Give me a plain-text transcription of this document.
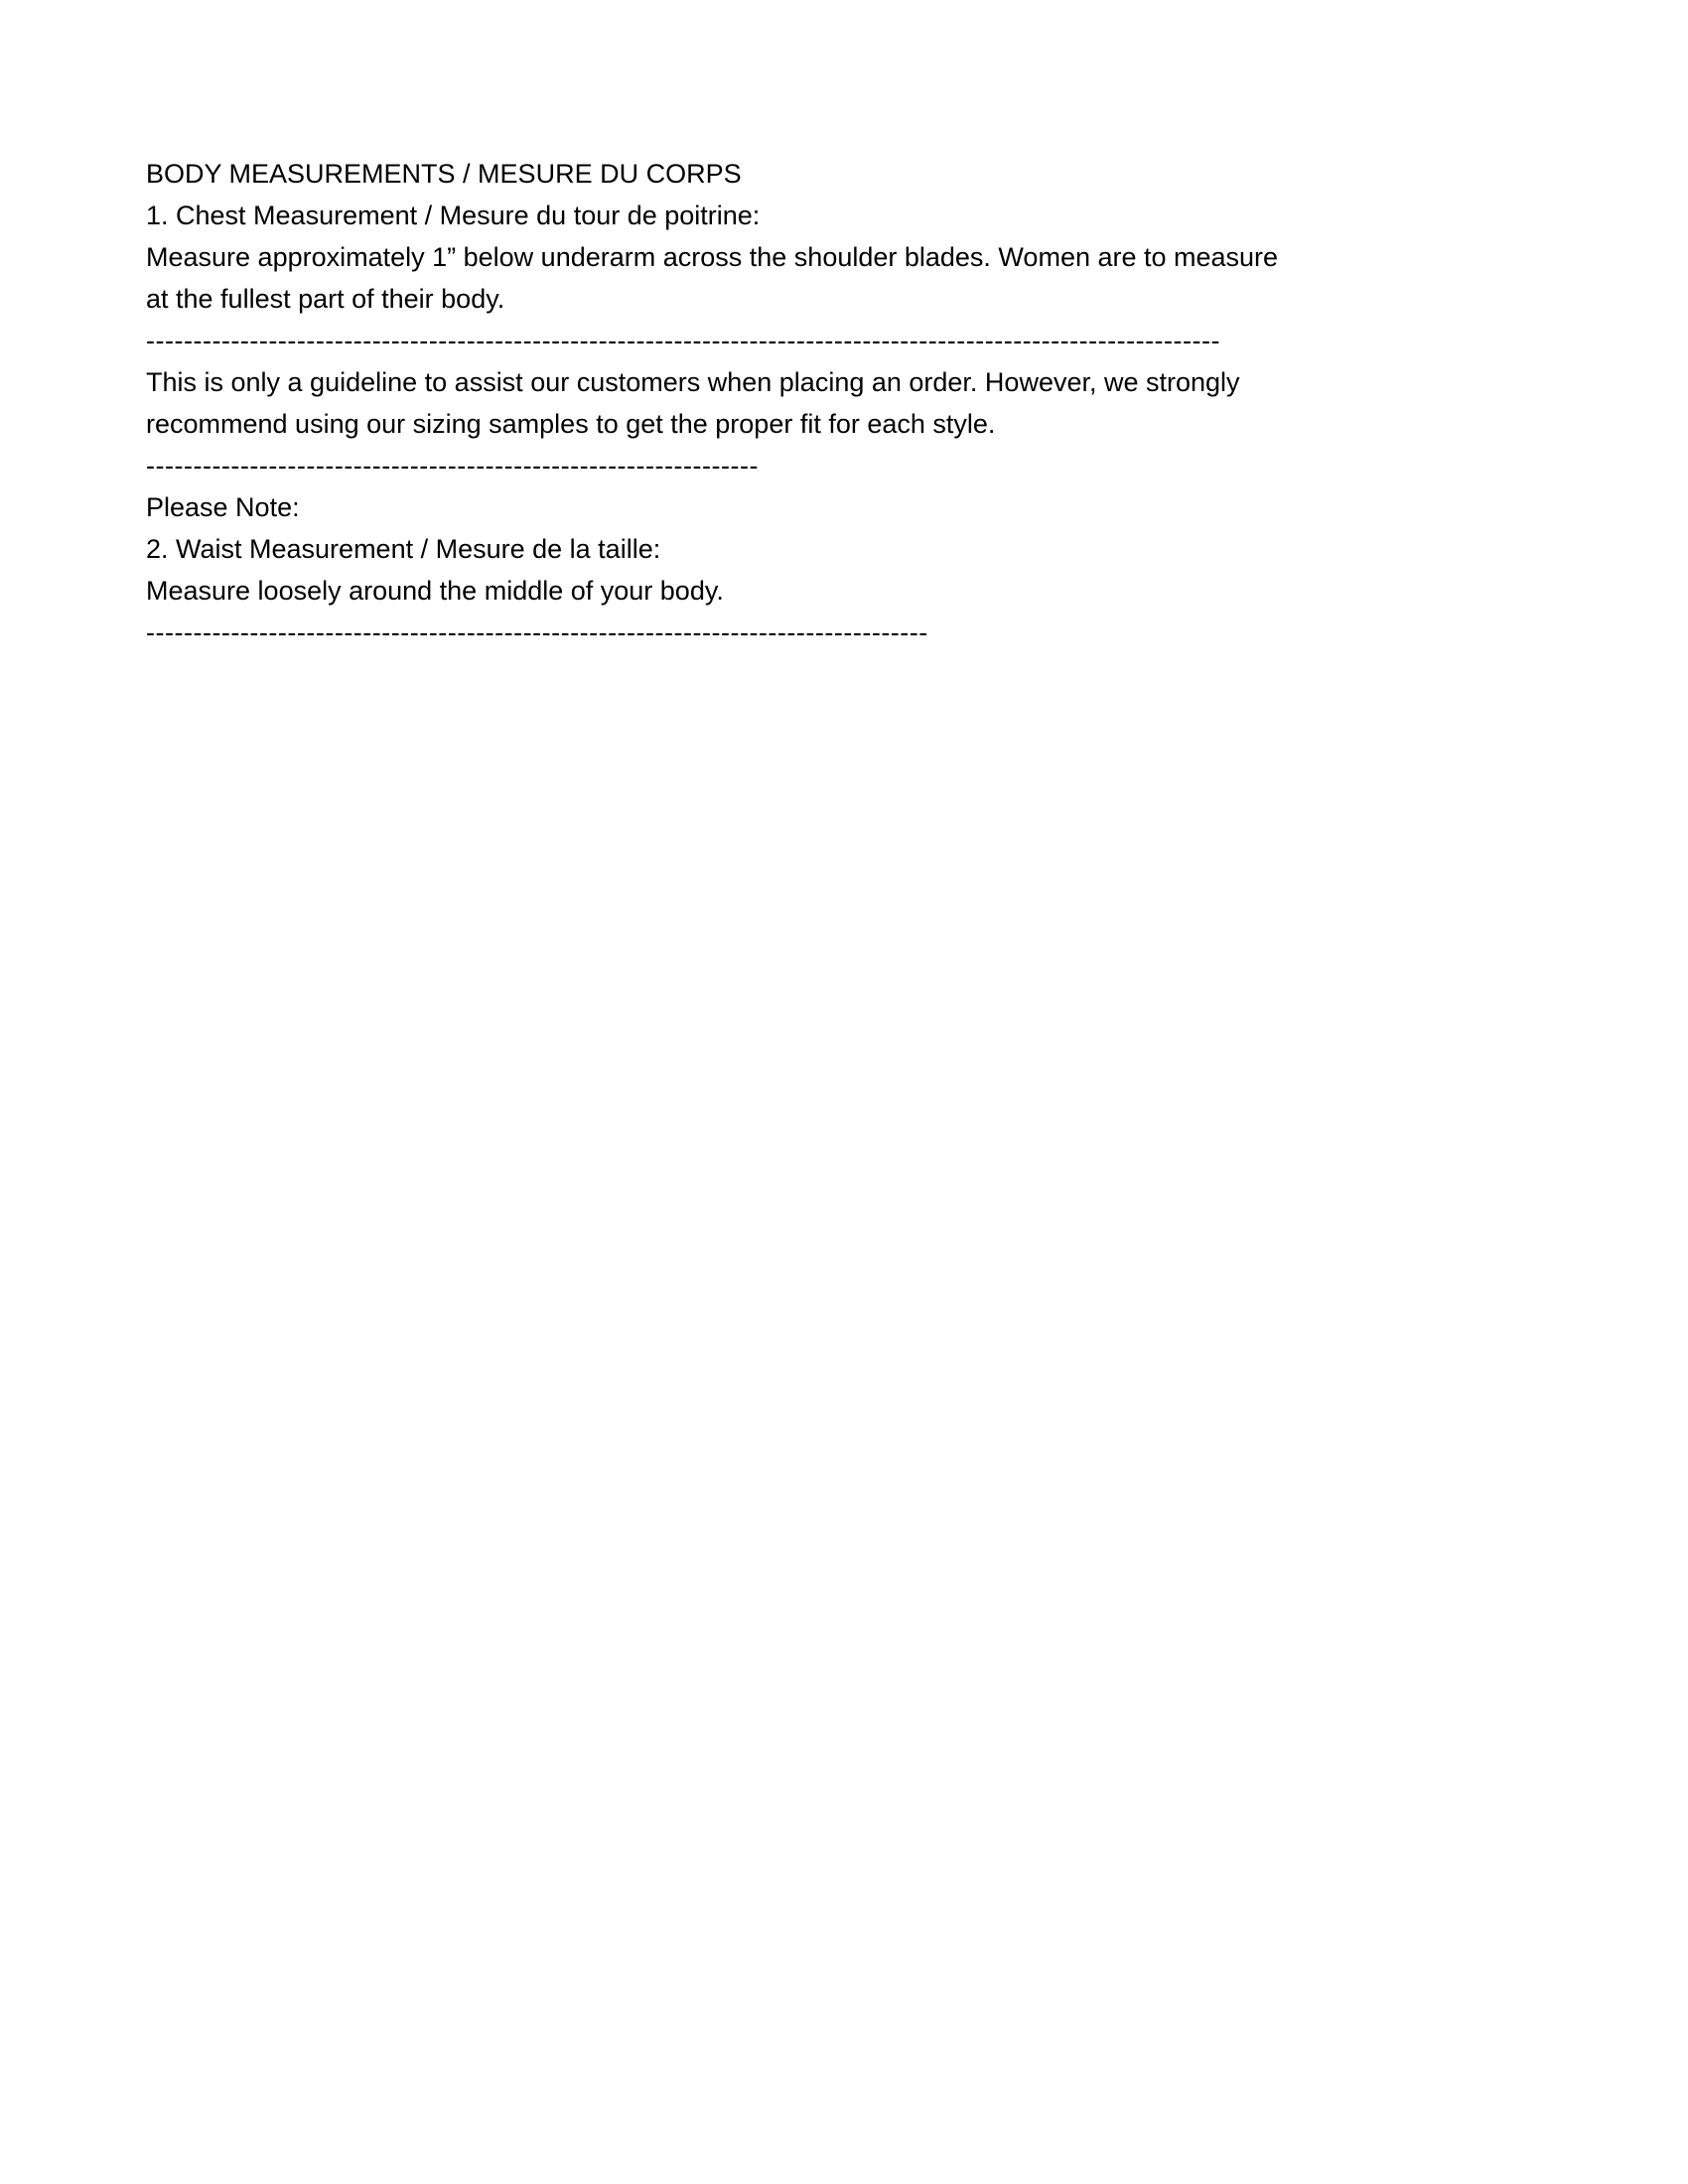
BODY MEASUREMENTS / MESURE DU CORPS
1. Chest Measurement / Mesure du tour de poitrine:
Measure approximately 1” below underarm across the shoulder blades. Women are to measure
at the fullest part of their body.
------------------------------------------------------------------------------------------------------------------
This is only a guideline to assist our customers when placing an order. However, we strongly
recommend using our sizing samples to get the proper fit for each style.
-----------------------------------------------------------------
Please Note:
2. Waist Measurement / Mesure de la taille:
Measure loosely around the middle of your body.
-----------------------------------------------------------------------------------
